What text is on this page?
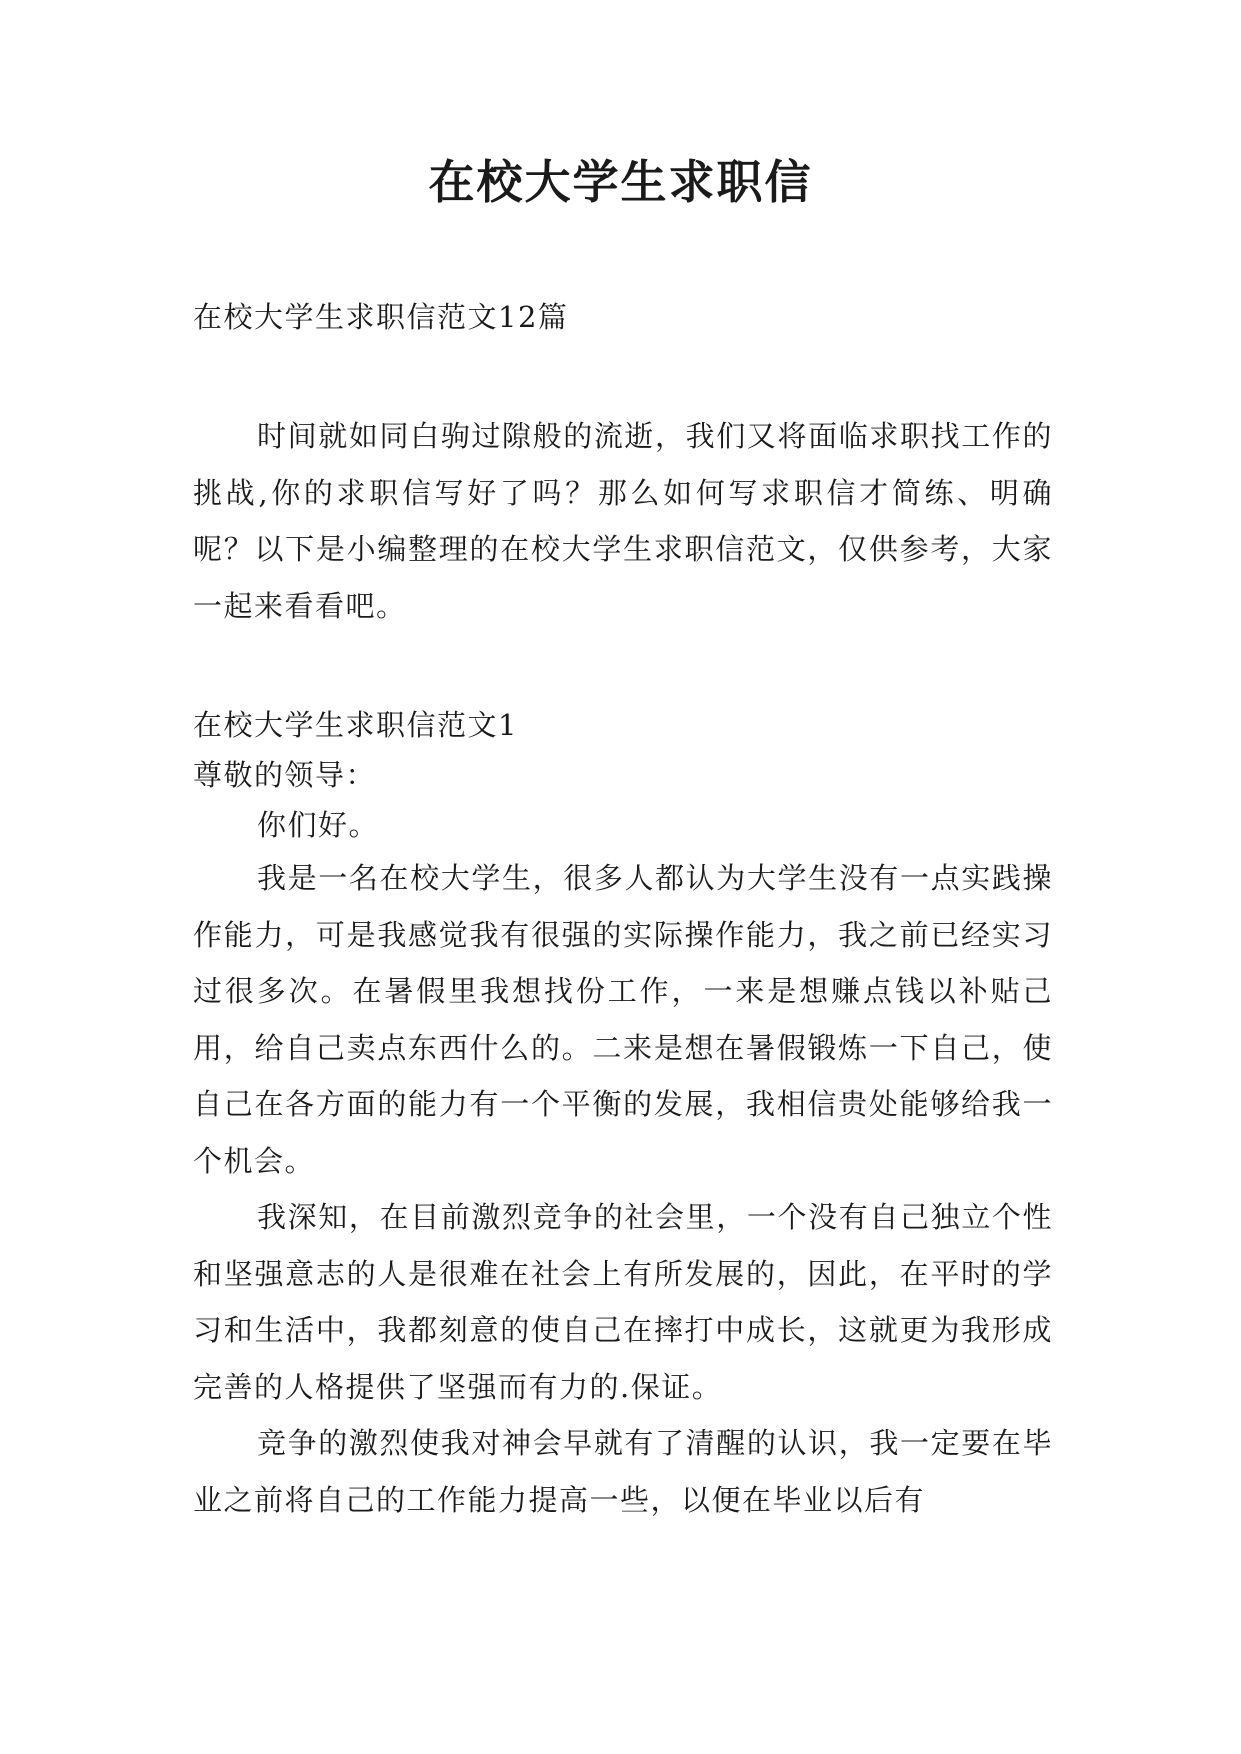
在校大学生求职信

在校大学生求职信范文12篇

时间就如同白驹过隙般的流逝，我们又将面临求职找工作的挑战,你的求职信写好了吗？那么如何写求职信才简练、明确呢？以下是小编整理的在校大学生求职信范文，仅供参考，大家一起来看看吧。

在校大学生求职信范文1

尊敬的领导：

你们好。

我是一名在校大学生，很多人都认为大学生没有一点实践操作能力，可是我感觉我有很强的实际操作能力，我之前已经实习过很多次。在暑假里我想找份工作，一来是想赚点钱以补贴己用，给自己卖点东西什么的。二来是想在暑假锻炼一下自己，使自己在各方面的能力有一个平衡的发展，我相信贵处能够给我一个机会。

我深知，在目前激烈竞争的社会里，一个没有自己独立个性和坚强意志的人是很难在社会上有所发展的，因此，在平时的学习和生活中，我都刻意的使自己在摔打中成长，这就更为我形成完善的人格提供了坚强而有力的.保证。

竞争的激烈使我对神会早就有了清醒的认识，我一定要在毕业之前将自己的工作能力提高一些，以便在毕业以后有
